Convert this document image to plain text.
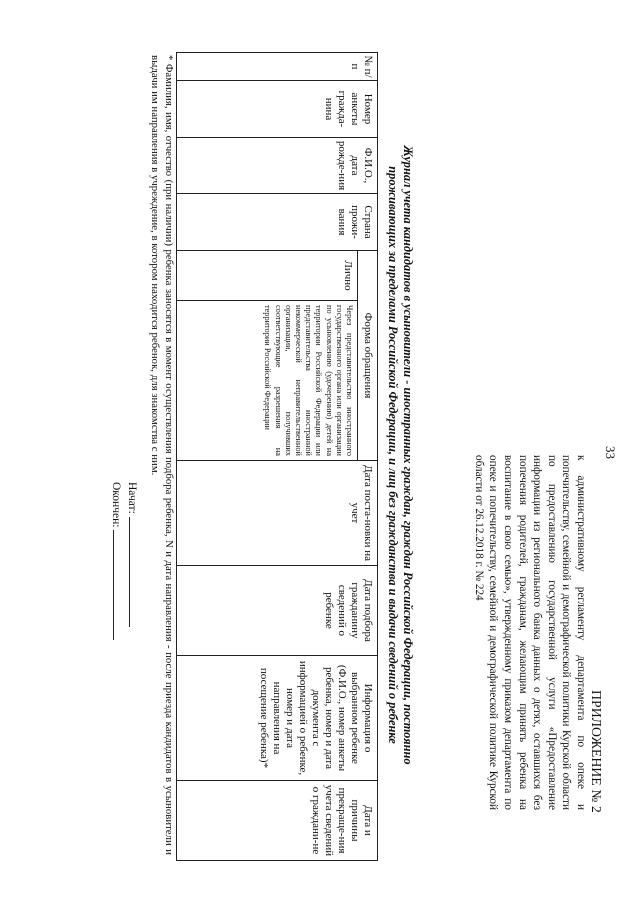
33
ПРИЛОЖЕНИЕ № 2

к административному регламенту департамента по опеке и попечительству, семейной и демографической политики Курской области по предоставлению государственной услуги «Предоставление информации из регионального банка данных о детях, оставшихся без попечения родителей, гражданам, желающим принять ребенка на воспитание в свою семью», утвержденному приказом департамента по опеке и попечительству, семейной и демографической политике Курской области от 26.12.2018 г. № 224

Журнал учета кандидатов в усыновители - иностранных граждан, граждан Российской Федерации, постоянно
проживающих за пределами Российской Федерации, и лиц без гражданства и выдачи сведений о ребенке
№ п/п	Номер анкеты гражда-нина	Ф.И.О., дата рожде-ния	Страна прожи-вания	Форма обращения		Дата поста-новки на учет	Дата подбора гражданину сведений о ребенке	Информация о выбранном ребенке (Ф.И.О., номер анкеты ребенка, номер и дата документа с информацией о ребенке, номер и дата направления на посещение ребенка)*	Дата и причины прекраще-ния учета сведений о граждани-не
				Лично	Через представительство иностранного государственного органа или организации по усыновлению (удочерению) детей на территории Российской Федерации или представительства иностранной некоммерческой неправительственной организации, получивших соответствующие разрешения на территории Российской Федерации				
* Фамилия, имя, отчество (при наличии) ребенка заносятся в момент осуществления подбора ребенка, N и дата направления - после приезда кандидатов в усыновители и выдачи им направления в учреждение, в котором находится ребенок, для знакомства с ним.
Начат:
Окончен:
